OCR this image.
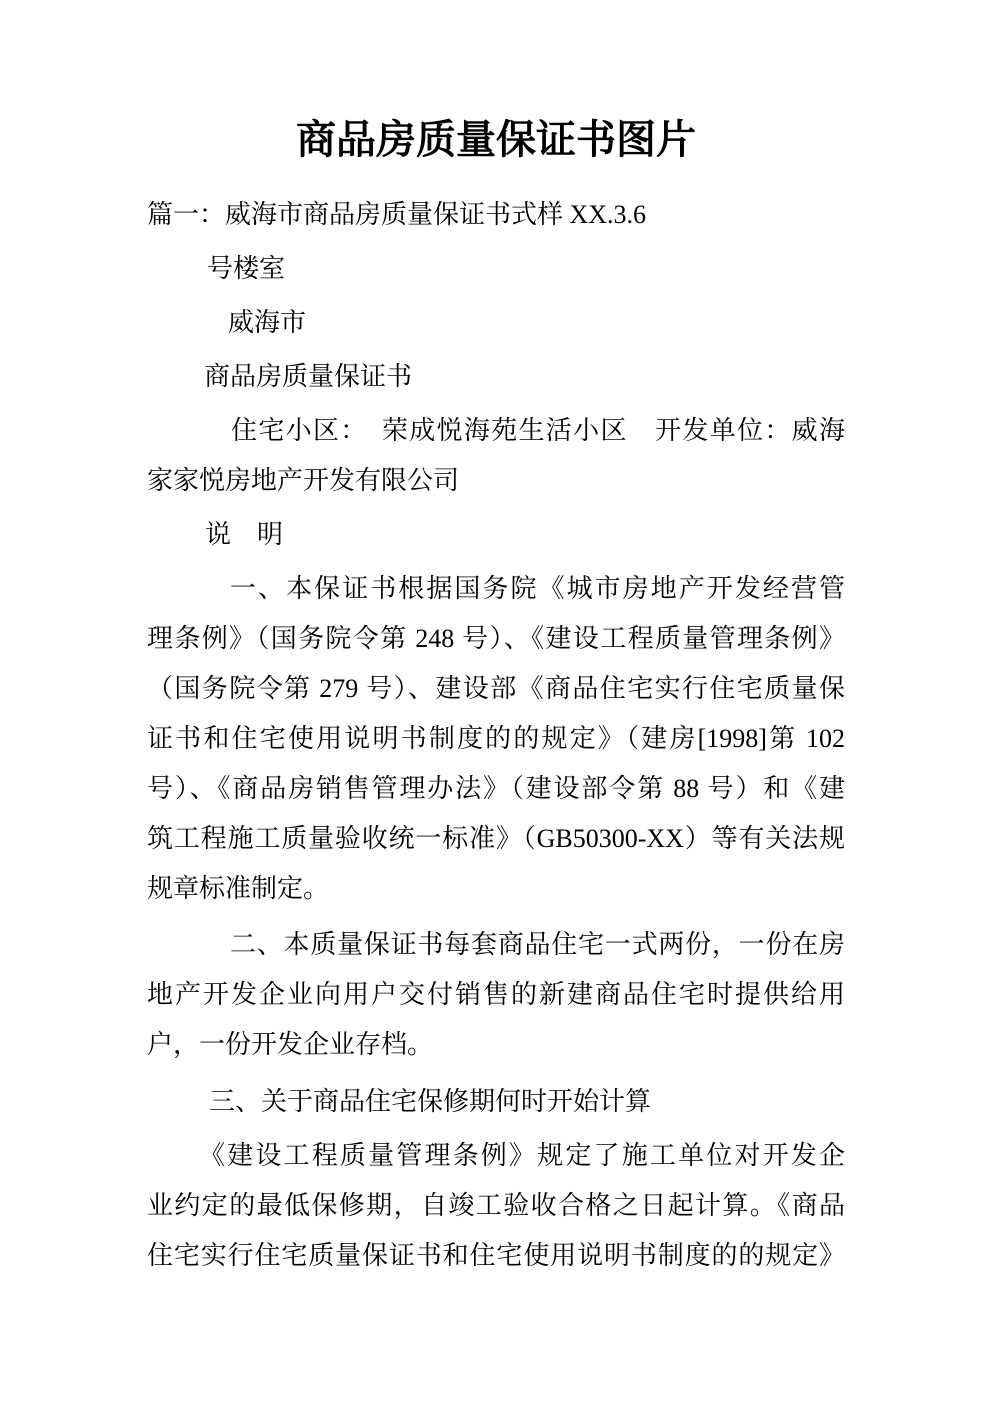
商品房质量保证书图片
篇一：威海市商品房质量保证书式样 XX.3.6
号楼室
威海市
商品房质量保证书
住宅小区：　荣成悦海苑生活小区　开发单位：威海
家家悦房地产开发有限公司
说　明
一、本保证书根据国务院《城市房地产开发经营管
理条例》（国务院令第 248 号）、《建设工程质量管理条例》
（国务院令第 279 号）、建设部《商品住宅实行住宅质量保
证书和住宅使用说明书制度的的规定》（建房[1998]第 102
号）、《商品房销售管理办法》（建设部令第 88 号）和《建
筑工程施工质量验收统一标准》（GB50300-XX）等有关法规
规章标准制定。
二、本质量保证书每套商品住宅一式两份，一份在房
地产开发企业向用户交付销售的新建商品住宅时提供给用
户，一份开发企业存档。
三、关于商品住宅保修期何时开始计算
《建设工程质量管理条例》规定了施工单位对开发企
业约定的最低保修期，自竣工验收合格之日起计算。《商品
住宅实行住宅质量保证书和住宅使用说明书制度的的规定》
